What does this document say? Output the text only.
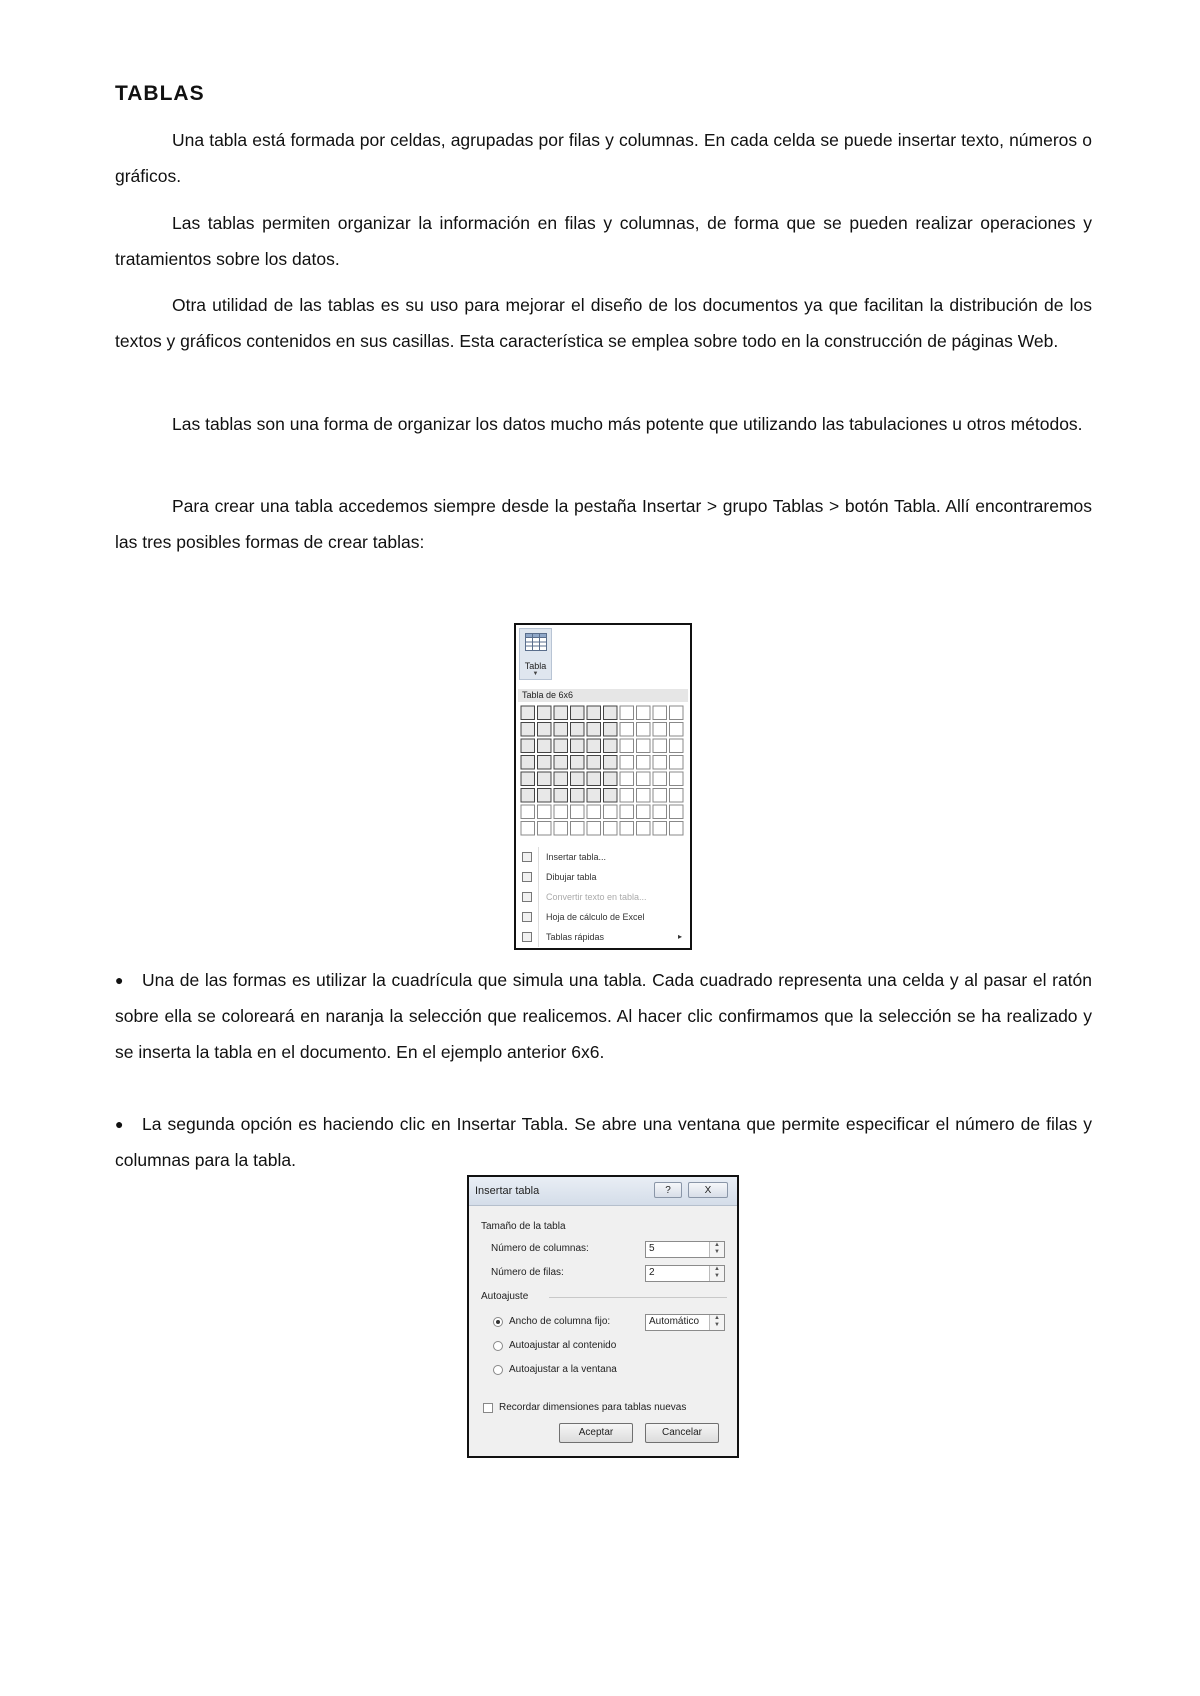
TABLAS

Una tabla está formada por celdas, agrupadas por filas y columnas. En cada celda se puede insertar texto, números o gráficos.

Las tablas permiten organizar la información en filas y columnas, de forma que se pueden realizar operaciones y tratamientos sobre los datos.

Otra utilidad de las tablas es su uso para mejorar el diseño de los documentos ya que facilitan la distribución de los textos y gráficos contenidos en sus casillas. Esta característica se emplea sobre todo en la construcción de páginas Web.

Las tablas son una forma de organizar los datos mucho más potente que utilizando las tabulaciones u otros métodos.

Para crear una tabla accedemos siempre desde la pestaña Insertar > grupo Tablas > botón Tabla. Allí encontraremos las tres posibles formas de crear tablas:

Tabla
▼
Tabla de 6x6
Insertar tabla...
Dibujar tabla
Convertir texto en tabla...
Hoja de cálculo de Excel
Tablas rápidas	▸

● Una de las formas es utilizar la cuadrícula que simula una tabla. Cada cuadrado representa una celda y al pasar el ratón sobre ella se coloreará en naranja la selección que realicemos. Al hacer clic confirmamos que la selección se ha realizado y se inserta la tabla en el documento. En el ejemplo anterior 6x6.

● La segunda opción es haciendo clic en Insertar Tabla. Se abre una ventana que permite especificar el número de filas y columnas para la tabla.

Insertar tabla	?	X
Tamaño de la tabla
Número de columnas:	5	▲
▼
Número de filas:	2	▲
▼
Autoajuste
Ancho de columna fijo:	Automático	▲
▼
Autoajustar al contenido
Autoajustar a la ventana
Recordar dimensiones para tablas nuevas
Aceptar	Cancelar
